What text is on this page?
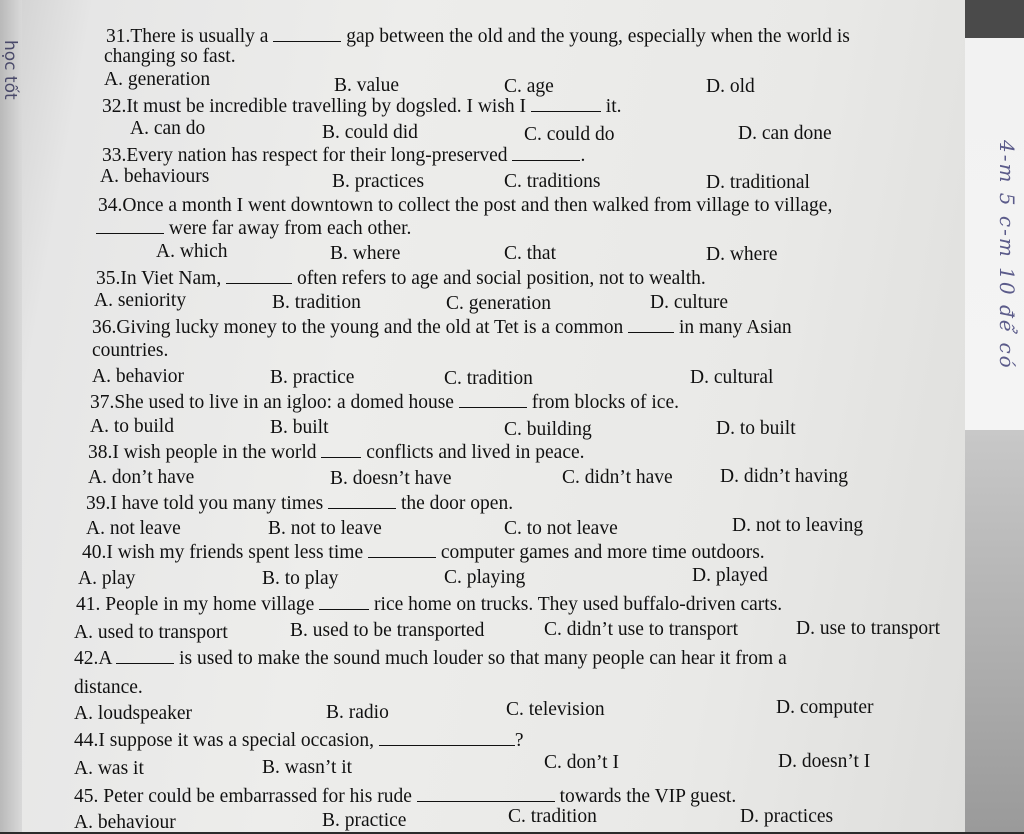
học tốt
4-m 5 c-m 10 để có
31.There is usually a	gap between the old and the young, especially when the world is
changing so fast.
A. generation	B. value	C. age	D. old
32.It must be incredible travelling by dogsled. I wish I	it.
A. can do	B. could did	C. could do	D. can done
33.Every nation has respect for their long-preserved	.
A. behaviours	B. practices	C. traditions	D. traditional
34.Once a month I went downtown to collect the post and then walked from village to village,
were far away from each other.
A. which	B. where	C. that	D. where
35.In Viet Nam,	often refers to age and social position, not to wealth.
A. seniority	B. tradition	C. generation	D. culture
36.Giving lucky money to the young and the old at Tet is a common	in many Asian
countries.
A. behavior	B. practice	C. tradition	D. cultural
37.She used to live in an igloo: a domed house	from blocks of ice.
A. to build	B. built	C. building	D. to built
38.I wish people in the world	conflicts and lived in peace.
A. don’t have	B. doesn’t have	C. didn’t have D. didn’t having
39.I have told you many times	the door open.
A. not leave	B. not to leave	C. to not leave	D. not to leaving
40.I wish my friends spent less time	computer games and more time outdoors.
A. play	B. to play	C. playing	D. played
41. People in my home village	rice home on trucks. They used buffalo-driven carts.
A. used to transport	B. used to be transported	C. didn’t use to transport	D. use to transport
42.A	is used to make the sound much louder so that many people can hear it from a
distance.
A. loudspeaker	B. radio	C. television	D. computer
44.I suppose it was a special occasion,	?
A. was it	B. wasn’t it	C. don’t I	D. doesn’t I
45. Peter could be embarrassed for his rude	towards the VIP guest.
A. behaviour	B. practice	C. tradition	D. practices
